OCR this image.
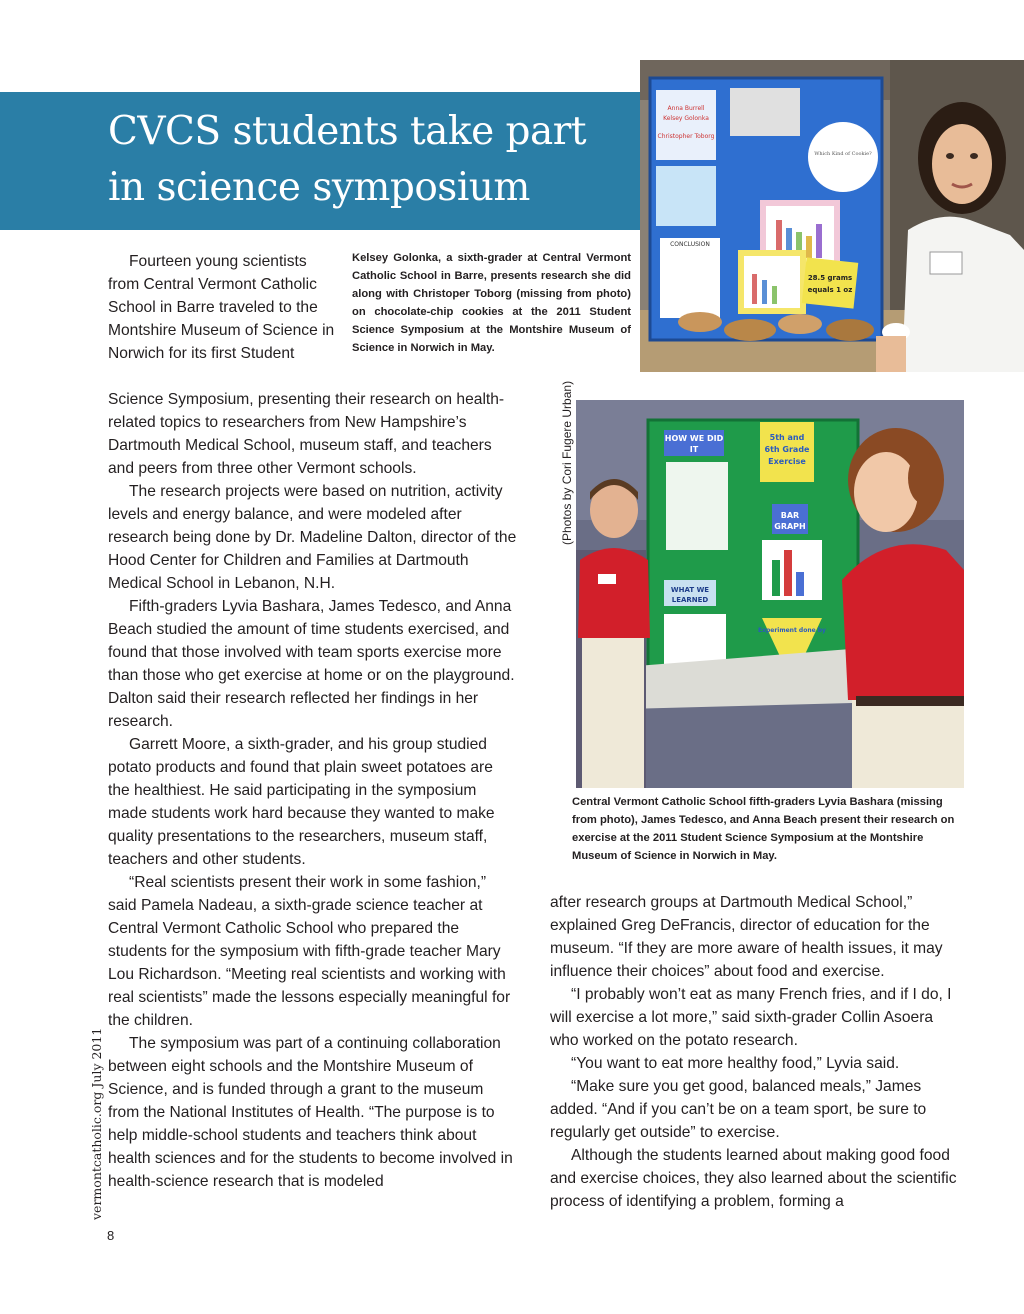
CVCS students take part in science symposium
Anna Burrell
Kelsey Golonka
Christopher Toborg
CONCLUSION
Which Kind of Cookie?
28.5 grams
equals 1 oz

Kelsey Golonka, a sixth-grader at Central Vermont Catholic School in Barre, presents research she did along with Christoper Toborg (missing from photo) on chocolate-chip cookies at the 2011 Student Science Symposium at the Montshire Museum of Science in Norwich in May.

Fourteen young scientists from Central Vermont Catholic School in Barre traveled to the Montshire Museum of Science in Norwich for its first Student

HOW WE DID
IT
5th and
6th Grade
Exercise
BAR
GRAPH
WHAT WE
LEARNED
Experiment done by
(Photos by Cori Fugere Urban)

Central Vermont Catholic School fifth-graders Lyvia Bashara (missing from photo), James Tedesco, and Anna Beach present their research on exercise at the 2011 Student Science Symposium at the Montshire Museum of Science in Norwich in May.

Science Symposium, presenting their research on health-related topics to researchers from New Hampshire’s Dartmouth Medical School, museum staff, and teachers and peers from three other Vermont schools.

The research projects were based on nutrition, activity levels and energy balance, and were modeled after research being done by Dr. Madeline Dalton, director of the Hood Center for Children and Families at Dartmouth Medical School in Lebanon, N.H.

Fifth-graders Lyvia Bashara, James Tedesco, and Anna Beach studied the amount of time students exercised, and found that those involved with team sports exercise more than those who get exercise at home or on the playground. Dalton said their research reflected her findings in her research.

Garrett Moore, a sixth-grader, and his group studied potato products and found that plain sweet potatoes are the healthiest. He said participating in the symposium made students work hard because they wanted to make quality presentations to the researchers, museum staff, teachers and other students.

“Real scientists present their work in some fashion,” said Pamela Nadeau, a sixth-grade science teacher at Central Vermont Catholic School who prepared the students for the symposium with fifth-grade teacher Mary Lou Richardson. “Meeting real scientists and working with real scientists” made the lessons especially meaningful for the children.

The symposium was part of a continuing collaboration between eight schools and the Montshire Museum of Science, and is funded through a grant to the museum from the National Institutes of Health. “The purpose is to help middle-school students and teachers think about health sciences and for the students to become involved in health-science research that is modeled

after research groups at Dartmouth Medical School,” explained Greg DeFrancis, director of education for the museum. “If they are more aware of health issues, it may influence their choices” about food and exercise.

“I probably won’t eat as many French fries, and if I do, I will exercise a lot more,” said sixth-grader Collin Asoera who worked on the potato research.

“You want to eat more healthy food,” Lyvia said.

“Make sure you get good, balanced meals,” James added. “And if you can’t be on a team sport, be sure to regularly get outside” to exercise.

Although the students learned about making good food and exercise choices, they also learned about the scientific process of identifying a problem, forming a

vermontcatholic.org July 2011
8
